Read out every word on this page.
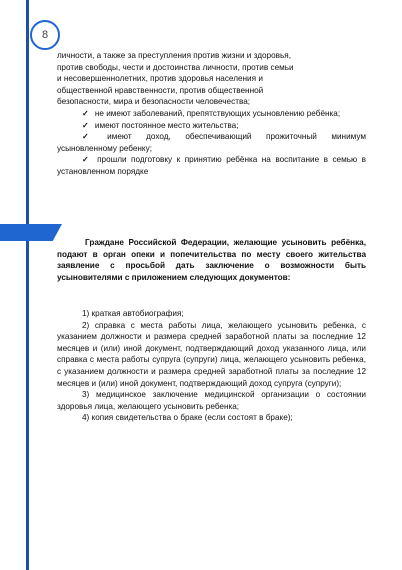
8

личности, а также за преступления против жизни и здоровья,

против свободы, чести и достоинства личности, против семьи

и несовершеннолетних, против здоровья населения и

общественной нравственности, против общественной

безопасности, мира и безопасности человечества;

✓ не имеют заболеваний, препятствующих усыновлению ребёнка;

✓ имеют постоянное место жительства;

✓ имеют доход, обеспечивающий прожиточный минимум усыновленному ребенку;

✓ прошли подготовку к принятию ребёнка на воспитание в семью в установленном порядке

Граждане Российской Федерации, желающие усыновить ребёнка, подают в орган опеки и попечительства по месту своего жительства заявление с просьбой дать заключение о возможности быть усыновителями с приложением следующих документов:

1) краткая автобиография;

2) справка с места работы лица, желающего усыновить ребенка, с указанием должности и размера средней заработной платы за последние 12 месяцев и (или) иной документ, подтверждающий доход указанного лица, или справка с места работы супруга (супруги) лица, желающего усыновить ребенка, с указанием должности и размера средней заработной платы за последние 12 месяцев и (или) иной документ, подтверждающий доход супруга (супруги);

3) медицинское заключение медицинской организации о состоянии здоровья лица, желающего усыновить ребенка;

4) копия свидетельства о браке (если состоят в браке);
